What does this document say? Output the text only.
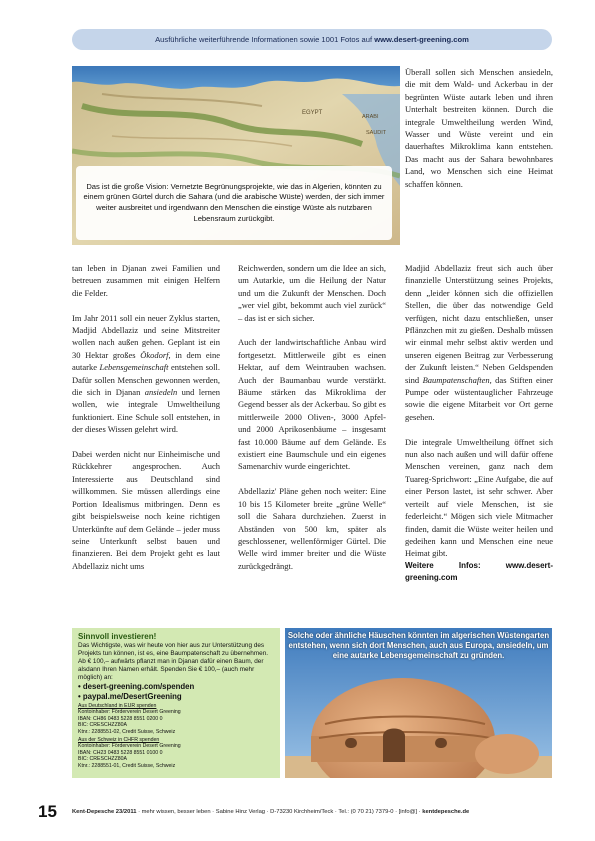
Ausführliche weiterführende Informationen sowie 1001 Fotos auf www.desert-greening.com
EGYPT
ARABI
SAUDIT
Das ist die große Vision: Vernetzte Begrünungsprojekte, wie das in Algerien, könnten zu einem grünen Gürtel durch die Sahara (und die arabische Wüste) werden, der sich immer weiter ausbreitet und irgendwann den Menschen die einstige Wüste als nutzbaren Lebensraum zurückgibt.

Überall sollen sich Menschen ansiedeln, die mit dem Wald- und Ackerbau in der begrünten Wüste autark leben und ihren Unterhalt bestreiten können. Durch die integrale Umweltheilung werden Wind, Wasser und Wüste vereint und ein dauerhaftes Mikroklima kann entstehen. Das macht aus der Sahara bewohnbares Land, wo Menschen sich eine Heimat schaffen können.

tan leben in Djanan zwei Familien und betreuen zusammen mit einigen Helfern die Felder.

Im Jahr 2011 soll ein neuer Zyklus starten, Madjid Abdellaziz und seine Mitstreiter wollen nach außen gehen. Geplant ist ein 30 Hektar großes Ökodorf, in dem eine autarke Lebensgemeinschaft entstehen soll. Dafür sollen Menschen gewonnen werden, die sich in Djanan ansiedeln und lernen wollen, wie integrale Umweltheilung funktioniert. Eine Schule soll entstehen, in der dieses Wissen gelehrt wird.

Dabei werden nicht nur Einheimische und Rückkehrer angesprochen. Auch Interessierte aus Deutschland sind willkommen. Sie müssen allerdings eine Portion Idealismus mitbringen. Denn es gibt beispielsweise noch keine richtigen Unterkünfte auf dem Gelände – jeder muss seine Unterkunft selbst bauen und finanzieren. Bei dem Projekt geht es laut Abdellaziz nicht ums

Reichwerden, sondern um die Idee an sich, um Autarkie, um die Heilung der Natur und um die Zukunft der Menschen. Doch „wer viel gibt, bekommt auch viel zurück“ – das ist er sich sicher.

Auch der landwirtschaftliche Anbau wird fortgesetzt. Mittlerweile gibt es einen Hektar, auf dem Weintrauben wachsen. Auch der Baumanbau wurde verstärkt. Bäume stärken das Mikroklima der Gegend besser als der Ackerbau. So gibt es mittlerweile 2000 Oliven-, 3000 Apfel- und 2000 Aprikosenbäume – insgesamt fast 10.000 Bäume auf dem Gelände. Es existiert eine Baumschule und ein eigenes Samenarchiv wurde eingerichtet.

Abdellaziz' Pläne gehen noch weiter: Eine 10 bis 15 Kilometer breite „grüne Welle“ soll die Sahara durchziehen. Zuerst in Abständen von 500 km, später als geschlossener, wellenförmiger Gürtel. Die Welle wird immer breiter und die Wüste zurückgedrängt.

Madjid Abdellaziz freut sich auch über finanzielle Unterstützung seines Projekts, denn „leider können sich die offiziellen Stellen, die über das notwendige Geld verfügen, nicht dazu entschließen, unser Pflänzchen mit zu gießen. Deshalb müssen wir einmal mehr selbst aktiv werden und unseren eigenen Beitrag zur Verbesserung der Zukunft leisten.“ Neben Geldspenden sind Baumpatenschaften, das Stiften einer Pumpe oder wüstentauglicher Fahrzeuge sowie die eigene Mitarbeit vor Ort gerne gesehen.

Die integrale Umweltheilung öffnet sich nun also nach außen und will dafür offene Menschen vereinen, ganz nach dem Tuareg-Sprichwort: „Eine Aufgabe, die auf einer Person lastet, ist sehr schwer. Aber verteilt auf viele Menschen, ist sie federleicht.“ Mögen sich viele Mitmacher finden, damit die Wüste weiter heilen und gedeihen kann und Menschen eine neue Heimat gibt.

Weitere Infos: www.desert-greening.com
Sinnvoll investieren!
Das Wichtigste, was wir heute von hier aus zur Unterstützung des Projekts tun können, ist es, eine Baumpatenschaft zu übernehmen. Ab € 100,– aufwärts pflanzt man in Djanan dafür einen Baum, der alsdann Ihren Namen erhält. Spenden Sie € 100,– (auch mehr möglich) an:
• desert-greening.com/spenden
• paypal.me/DesertGreening
Aus Deutschland in EUR spenden
Kontoinhaber: Förderverein Desert Greening
IBAN: CH86 0483 5228 8551 0200 0
BIC: CRESCHZZ80A
Ktnr.: 2288551-02, Credit Suisse, Schweiz
Aus der Schweiz in CHFR spenden
Kontoinhaber: Förderverein Desert Greening
IBAN: CH23 0483 5228 8551 0100 0
BIC: CRESCHZZ80A
Ktnr.: 2288551-01, Credit Suisse, Schweiz
Solche oder ähnliche Häuschen könnten im algerischen Wüstengarten entstehen, wenn sich dort Menschen, auch aus Europa, ansiedeln, um eine autarke Lebensgemeinschaft zu gründen.
15	Kent-Depesche 23/2011 · mehr wissen, besser leben · Sabine Hinz Verlag · D-73230 Kirchheim/Teck · Tel.: (0 70 21) 7379-0 · [info@] · kentdepesche.de
